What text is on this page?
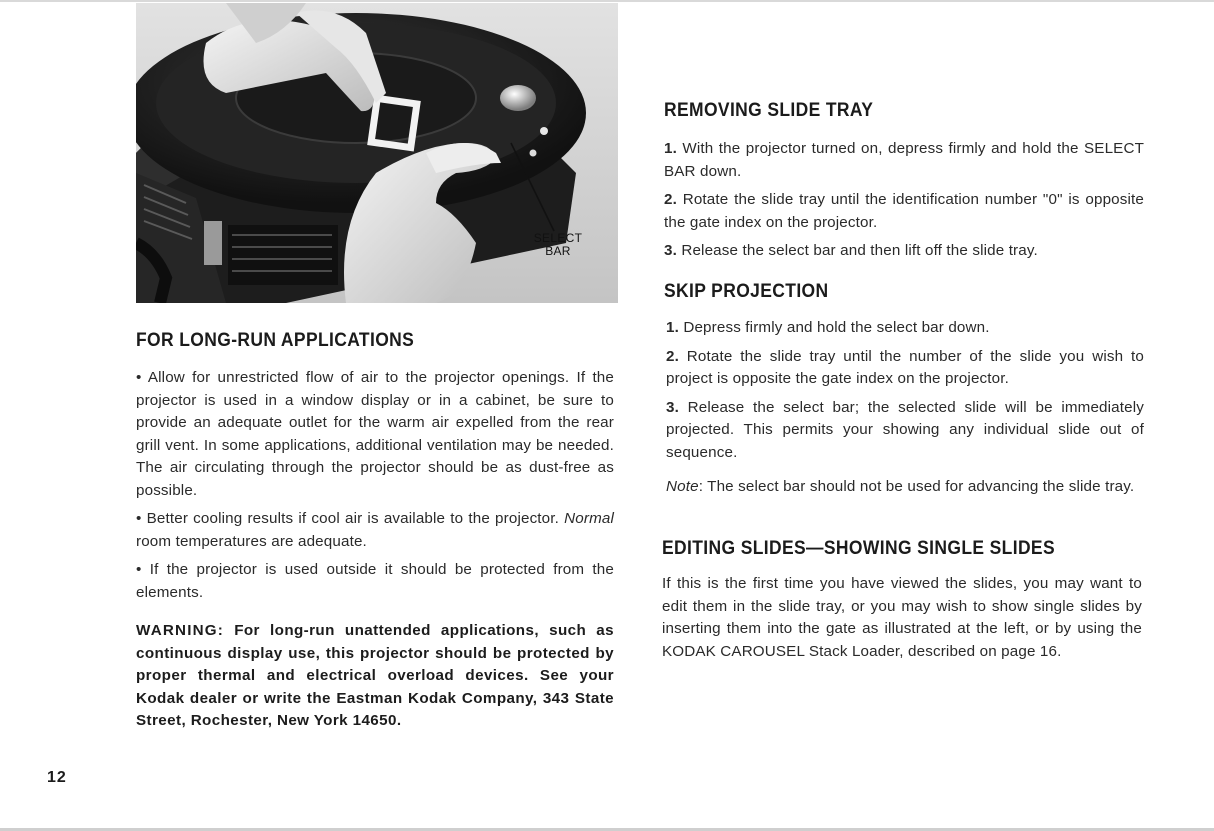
SELECT
BAR
FOR LONG-RUN APPLICATIONS

• Allow for unrestricted flow of air to the projector openings. If the projector is used in a window display or in a cabinet, be sure to provide an adequate outlet for the warm air expelled from the rear grill vent. In some applications, additional ventilation may be needed. The air circulating through the projector should be as dust-free as possible.

• Better cooling results if cool air is available to the projector. Normal room temperatures are adequate.

• If the projector is used outside it should be protected from the elements.

WARNING: For long-run unattended applications, such as continuous display use, this projector should be protected by proper thermal and electrical overload devices. See your Kodak dealer or write the Eastman Kodak Company, 343 State Street, Rochester, New York 14650.

REMOVING SLIDE TRAY

1. With the projector turned on, depress firmly and hold the SELECT BAR down.

2. Rotate the slide tray until the identification number "0" is opposite the gate index on the projector.

3. Release the select bar and then lift off the slide tray.

SKIP PROJECTION

1. Depress firmly and hold the select bar down.

2. Rotate the slide tray until the number of the slide you wish to project is opposite the gate index on the projector.

3. Release the select bar; the selected slide will be immediately projected. This permits your showing any individual slide out of sequence.

Note: The select bar should not be used for advancing the slide tray.

EDITING SLIDES—SHOWING SINGLE SLIDES

If this is the first time you have viewed the slides, you may want to edit them in the slide tray, or you may wish to show single slides by inserting them into the gate as illustrated at the left, or by using the KODAK CAROUSEL Stack Loader, described on page 16.

12
